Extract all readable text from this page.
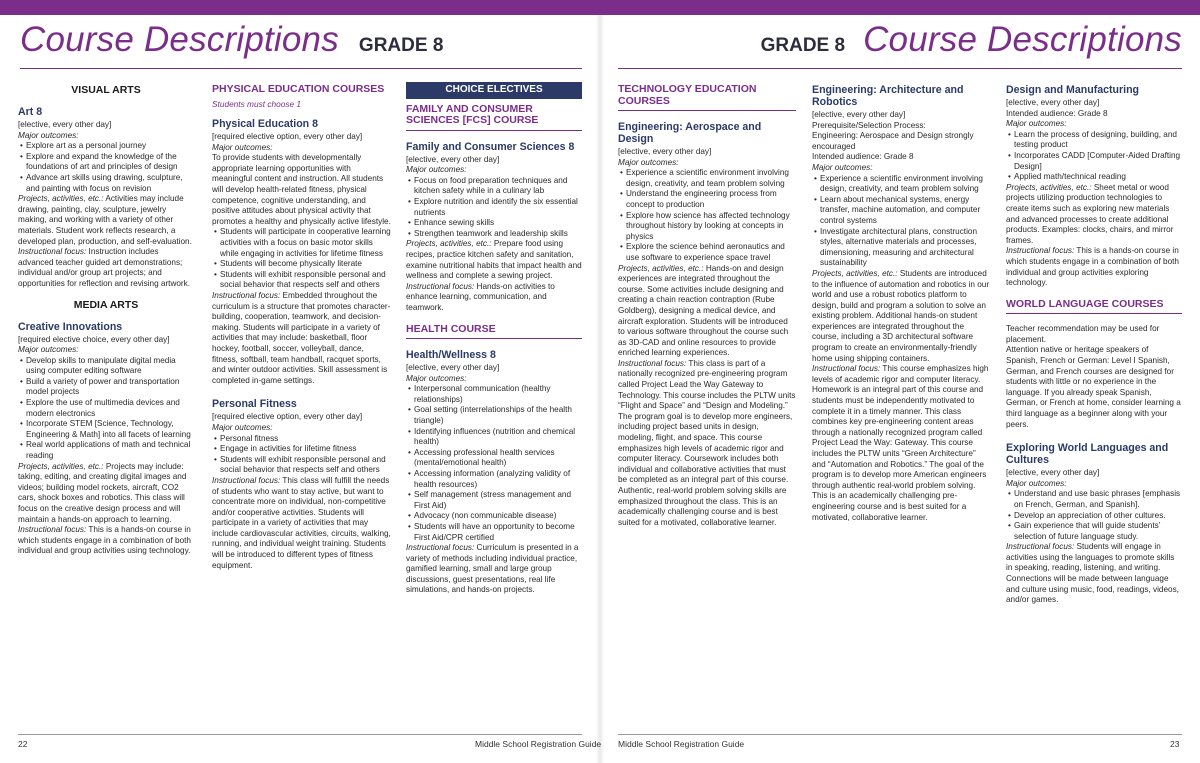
Course Descriptions GRADE 8	GRADE 8 Course Descriptions
VISUAL ARTS
Art 8

[elective, every other day]

Major outcomes:

• Explore art as a personal journey

• Explore and expand the knowledge of the foundations of art and principles of design

• Advance art skills using drawing, sculpture, and painting with focus on revision

Projects, activities, etc.: Activities may include drawing, painting, clay, sculpture, jewelry making, and working with a variety of other materials. Student work reflects research, a developed plan, production, and self-evaluation.

Instructional focus: Instruction includes advanced teacher guided art demonstrations; individual and/or group art projects; and opportunities for reflection and revising artwork.

MEDIA ARTS
Creative Innovations

[required elective choice, every other day]

Major outcomes:

• Develop skills to manipulate digital media using computer editing software

• Build a variety of power and transportation model projects

• Explore the use of multimedia devices and modern electronics

• Incorporate STEM [Science, Technology, Engineering & Math] into all facets of learning

• Real world applications of math and technical reading

Projects, activities, etc.: Projects may include: taking, editing, and creating digital images and videos; building model rockets, aircraft, CO2 cars, shock boxes and robotics. This class will focus on the creative design process and will maintain a hands-on approach to learning.

Instructional focus: This is a hands-on course in which students engage in a combination of both individual and group activities using technology.

PHYSICAL EDUCATION COURSES
Students must choose 1
Physical Education 8

[required elective option, every other day]

Major outcomes:

To provide students with developmentally appropriate learning opportunities with meaningful content and instruction. All students will develop health-related fitness, physical competence, cognitive understanding, and positive attitudes about physical activity that promotes a healthy and physically active lifestyle.

• Students will participate in cooperative learning activities with a focus on basic motor skills while engaging in activities for lifetime fitness

• Students will become physically literate

• Students will exhibit responsible personal and social behavior that respects self and others

Instructional focus: Embedded throughout the curriculum is a structure that promotes character-building, cooperation, teamwork, and decision-making. Students will participate in a variety of activities that may include: basketball, floor hockey, football, soccer, volleyball, dance, fitness, softball, team handball, racquet sports, and winter outdoor activities. Skill assessment is completed in-game settings.

Personal Fitness

[required elective option, every other day]

Major outcomes:

• Personal fitness

• Engage in activities for lifetime fitness

• Students will exhibit responsible personal and social behavior that respects self and others

Instructional focus: This class will fulfill the needs of students who want to stay active, but want to concentrate more on individual, non-competitive and/or cooperative activities. Students will participate in a variety of activities that may include cardiovascular activities, circuits, walking, running, and individual weight training. Students will be introduced to different types of fitness equipment.

CHOICE ELECTIVES
FAMILY AND CONSUMER SCIENCES [FCS] COURSE
Family and Consumer Sciences 8

[elective, every other day]

Major outcomes:

• Focus on food preparation techniques and kitchen safety while in a culinary lab

• Explore nutrition and identify the six essential nutrients

• Enhance sewing skills

• Strengthen teamwork and leadership skills

Projects, activities, etc.: Prepare food using recipes, practice kitchen safety and sanitation, examine nutritional habits that impact health and wellness and complete a sewing project.

Instructional focus: Hands-on activities to enhance learning, communication, and teamwork.

HEALTH COURSE
Health/Wellness 8

[elective, every other day]

Major outcomes:

• Interpersonal communication (healthy relationships)

• Goal setting (interrelationships of the health triangle)

• Identifying influences (nutrition and chemical health)

• Accessing professional health services (mental/emotional health)

• Accessing information (analyzing validity of health resources)

• Self management (stress management and First Aid)

• Advocacy (non communicable disease)

• Students will have an opportunity to become First Aid/CPR certified

Instructional focus: Curriculum is presented in a variety of methods including individual practice, gamified learning, small and large group discussions, guest presentations, real life simulations, and hands-on projects.

TECHNOLOGY EDUCATION COURSES
Engineering: Aerospace and Design

[elective, every other day]

Major outcomes:

• Experience a scientific environment involving design, creativity, and team problem solving

• Understand the engineering process from concept to production

• Explore how science has affected technology throughout history by looking at concepts in physics

• Explore the science behind aeronautics and use software to experience space travel

Projects, activities, etc.: Hands-on and design experiences are integrated throughout the course. Some activities include designing and creating a chain reaction contraption (Rube Goldberg), designing a medical device, and aircraft exploration. Students will be introduced to various software throughout the course such as 3D-CAD and online resources to provide enriched learning experiences.

Instructional focus: This class is part of a nationally recognized pre-engineering program called Project Lead the Way Gateway to Technology. This course includes the PLTW units “Flight and Space” and “Design and Modeling.” The program goal is to develop more engineers, including project based units in design, modeling, flight, and space. This course emphasizes high levels of academic rigor and computer literacy. Coursework includes both individual and collaborative activities that must be completed as an integral part of this course. Authentic, real-world problem solving skills are emphasized throughout the class. This is an academically challenging course and is best suited for a motivated, collaborative learner.

Engineering: Architecture and Robotics

[elective, every other day]

Prerequisite/Selection Process:

Engineering: Aerospace and Design strongly encouraged

Intended audience: Grade 8

Major outcomes:

• Experience a scientific environment involving design, creativity, and team problem solving

• Learn about mechanical systems, energy transfer, machine automation, and computer control systems

• Investigate architectural plans, construction styles, alternative materials and processes, dimensioning, measuring and architectural sustainability

Projects, activities, etc.: Students are introduced to the influence of automation and robotics in our world and use a robust robotics platform to design, build and program a solution to solve an existing problem. Additional hands-on student experiences are integrated throughout the course, including a 3D architectural software program to create an environmentally-friendly home using shipping containers.

Instructional focus: This course emphasizes high levels of academic rigor and computer literacy. Homework is an integral part of this course and students must be independently motivated to complete it in a timely manner. This class combines key pre-engineering content areas through a nationally recognized program called Project Lead the Way: Gateway. This course includes the PLTW units “Green Architecture” and “Automation and Robotics.” The goal of the program is to develop more American engineers through authentic real-world problem solving. This is an academically challenging pre-engineering course and is best suited for a motivated, collaborative learner.

Design and Manufacturing

[elective, every other day]

Intended audience: Grade 8

Major outcomes:

• Learn the process of designing, building, and testing product

• Incorporates CADD [Computer-Aided Drafting Design]

• Applied math/technical reading

Projects, activities, etc.: Sheet metal or wood projects utilizing production technologies to create items such as exploring new materials and advanced processes to create additional products. Examples: clocks, chairs, and mirror frames.

Instructional focus: This is a hands-on course in which students engage in a combination of both individual and group activities exploring technology.

WORLD LANGUAGE COURSES

Teacher recommendation may be used for placement.

Attention native or heritage speakers of Spanish, French or German: Level I Spanish, German, and French courses are designed for students with little or no experience in the language. If you already speak Spanish, German, or French at home, consider learning a third language as a beginner along with your peers.

Exploring World Languages and Cultures

[elective, every other day]

Major outcomes:

• Understand and use basic phrases [emphasis on French, German, and Spanish].

• Develop an appreciation of other cultures.

• Gain experience that will guide students’ selection of future language study.

Instructional focus: Students will engage in activities using the languages to promote skills in speaking, reading, listening, and writing. Connections will be made between language and culture using music, food, readings, videos, and/or games.

22	Middle School Registration Guide Middle School Registration Guide	23
